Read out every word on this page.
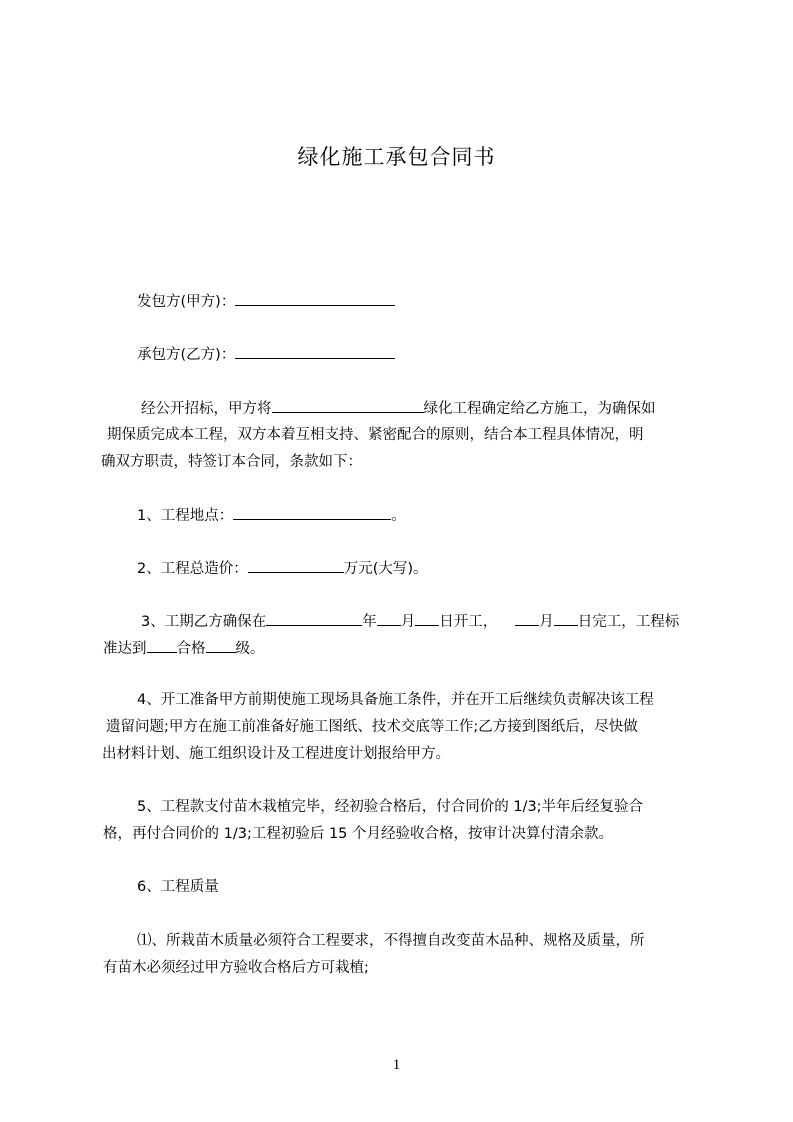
绿化施工承包合同书
发包方(甲方)：
承包方(乙方)：
经公开招标，甲方将	绿化工程确定给乙方施工，为确保如
期保质完成本工程，双方本着互相支持、紧密配合的原则，结合本工程具体情况，明
确双方职责，特签订本合同，条款如下：
1、工程地点：	。
2、工程总造价：	万元(大写)。
3、工期乙方确保在	年 月 日开工，	月 日完工，工程标
准达到 合格 级。
4、开工准备甲方前期使施工现场具备施工条件，并在开工后继续负责解决该工程
遗留问题;甲方在施工前准备好施工图纸、技术交底等工作;乙方接到图纸后，尽快做
出材料计划、施工组织设计及工程进度计划报给甲方。
5、工程款支付苗木栽植完毕，经初验合格后，付合同价的 1/3;半年后经复验合
格，再付合同价的 1/3;工程初验后 15 个月经验收合格，按审计决算付清余款。
6、工程质量
⑴、所栽苗木质量必须符合工程要求，不得擅自改变苗木品种、规格及质量，所
有苗木必须经过甲方验收合格后方可栽植;
1
